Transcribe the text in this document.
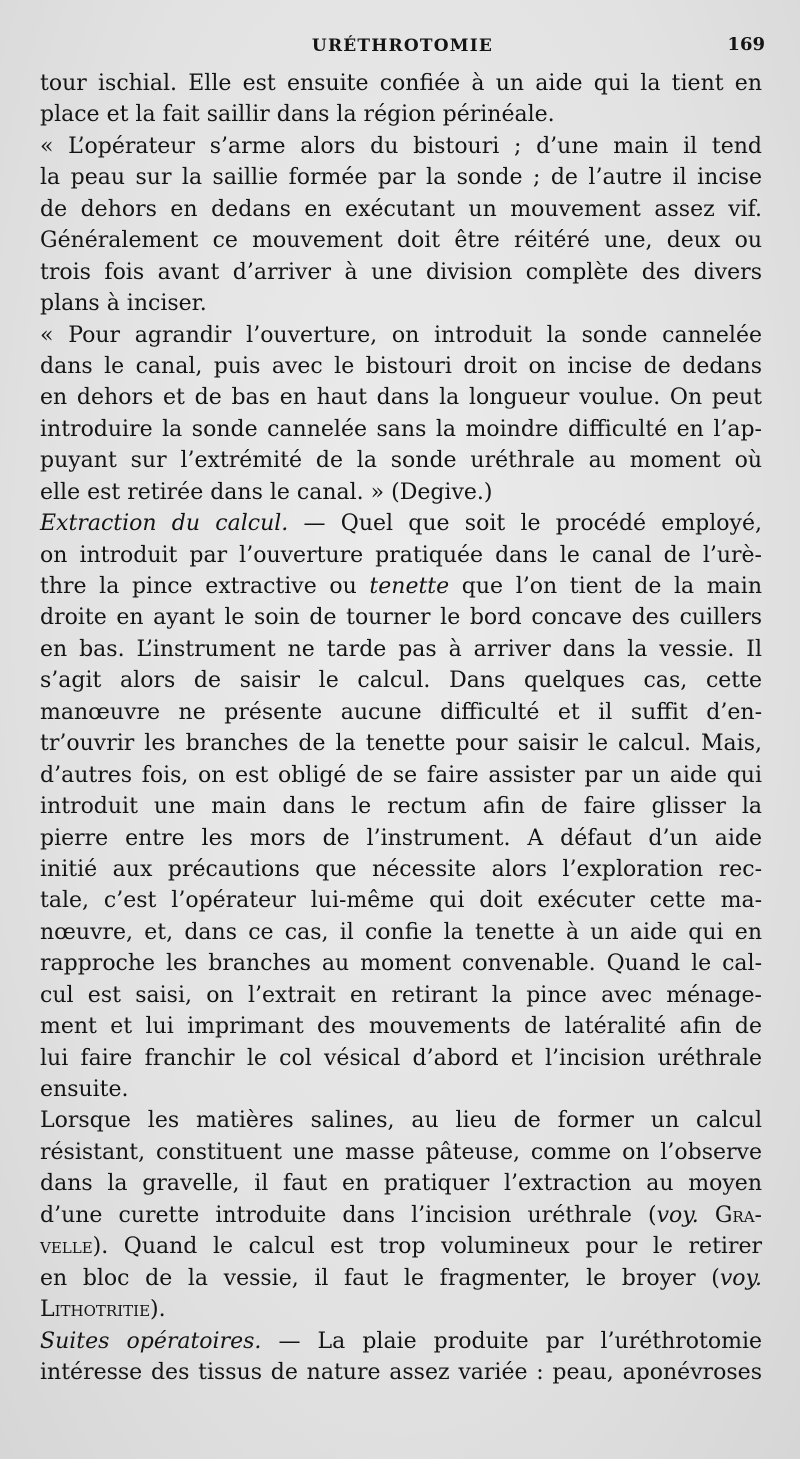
URÉTHROTOMIE	169
tour ischial. Elle est ensuite confiée à un aide qui la tient en
place et la fait saillir dans la région périnéale.
« L’opérateur s’arme alors du bistouri ; d’une main il tend
la peau sur la saillie formée par la sonde ; de l’autre il incise
de dehors en dedans en exécutant un mouvement assez vif.
Généralement ce mouvement doit être réitéré une, deux ou
trois fois avant d’arriver à une division complète des divers
plans à inciser.
« Pour agrandir l’ouverture, on introduit la sonde cannelée
dans le canal, puis avec le bistouri droit on incise de dedans
en dehors et de bas en haut dans la longueur voulue. On peut
introduire la sonde cannelée sans la moindre difficulté en l’ap-
puyant sur l’extrémité de la sonde uréthrale au moment où
elle est retirée dans le canal. » (Degive.)
Extraction du calcul. — Quel que soit le procédé employé,
on introduit par l’ouverture pratiquée dans le canal de l’urè-
thre la pince extractive ou tenette que l’on tient de la main
droite en ayant le soin de tourner le bord concave des cuillers
en bas. L’instrument ne tarde pas à arriver dans la vessie. Il
s’agit alors de saisir le calcul. Dans quelques cas, cette
manœuvre ne présente aucune difficulté et il suffit d’en-
tr’ouvrir les branches de la tenette pour saisir le calcul. Mais,
d’autres fois, on est obligé de se faire assister par un aide qui
introduit une main dans le rectum afin de faire glisser la
pierre entre les mors de l’instrument. A défaut d’un aide
initié aux précautions que nécessite alors l’exploration rec-
tale, c’est l’opérateur lui-même qui doit exécuter cette ma-
nœuvre, et, dans ce cas, il confie la tenette à un aide qui en
rapproche les branches au moment convenable. Quand le cal-
cul est saisi, on l’extrait en retirant la pince avec ménage-
ment et lui imprimant des mouvements de latéralité afin de
lui faire franchir le col vésical d’abord et l’incision uréthrale
ensuite.
Lorsque les matières salines, au lieu de former un calcul
résistant, constituent une masse pâteuse, comme on l’observe
dans la gravelle, il faut en pratiquer l’extraction au moyen
d’une curette introduite dans l’incision uréthrale (voy. Gra-
velle). Quand le calcul est trop volumineux pour le retirer
en bloc de la vessie, il faut le fragmenter, le broyer (voy.
Lithotritie).
Suites opératoires. — La plaie produite par l’uréthrotomie
intéresse des tissus de nature assez variée : peau, aponévroses
